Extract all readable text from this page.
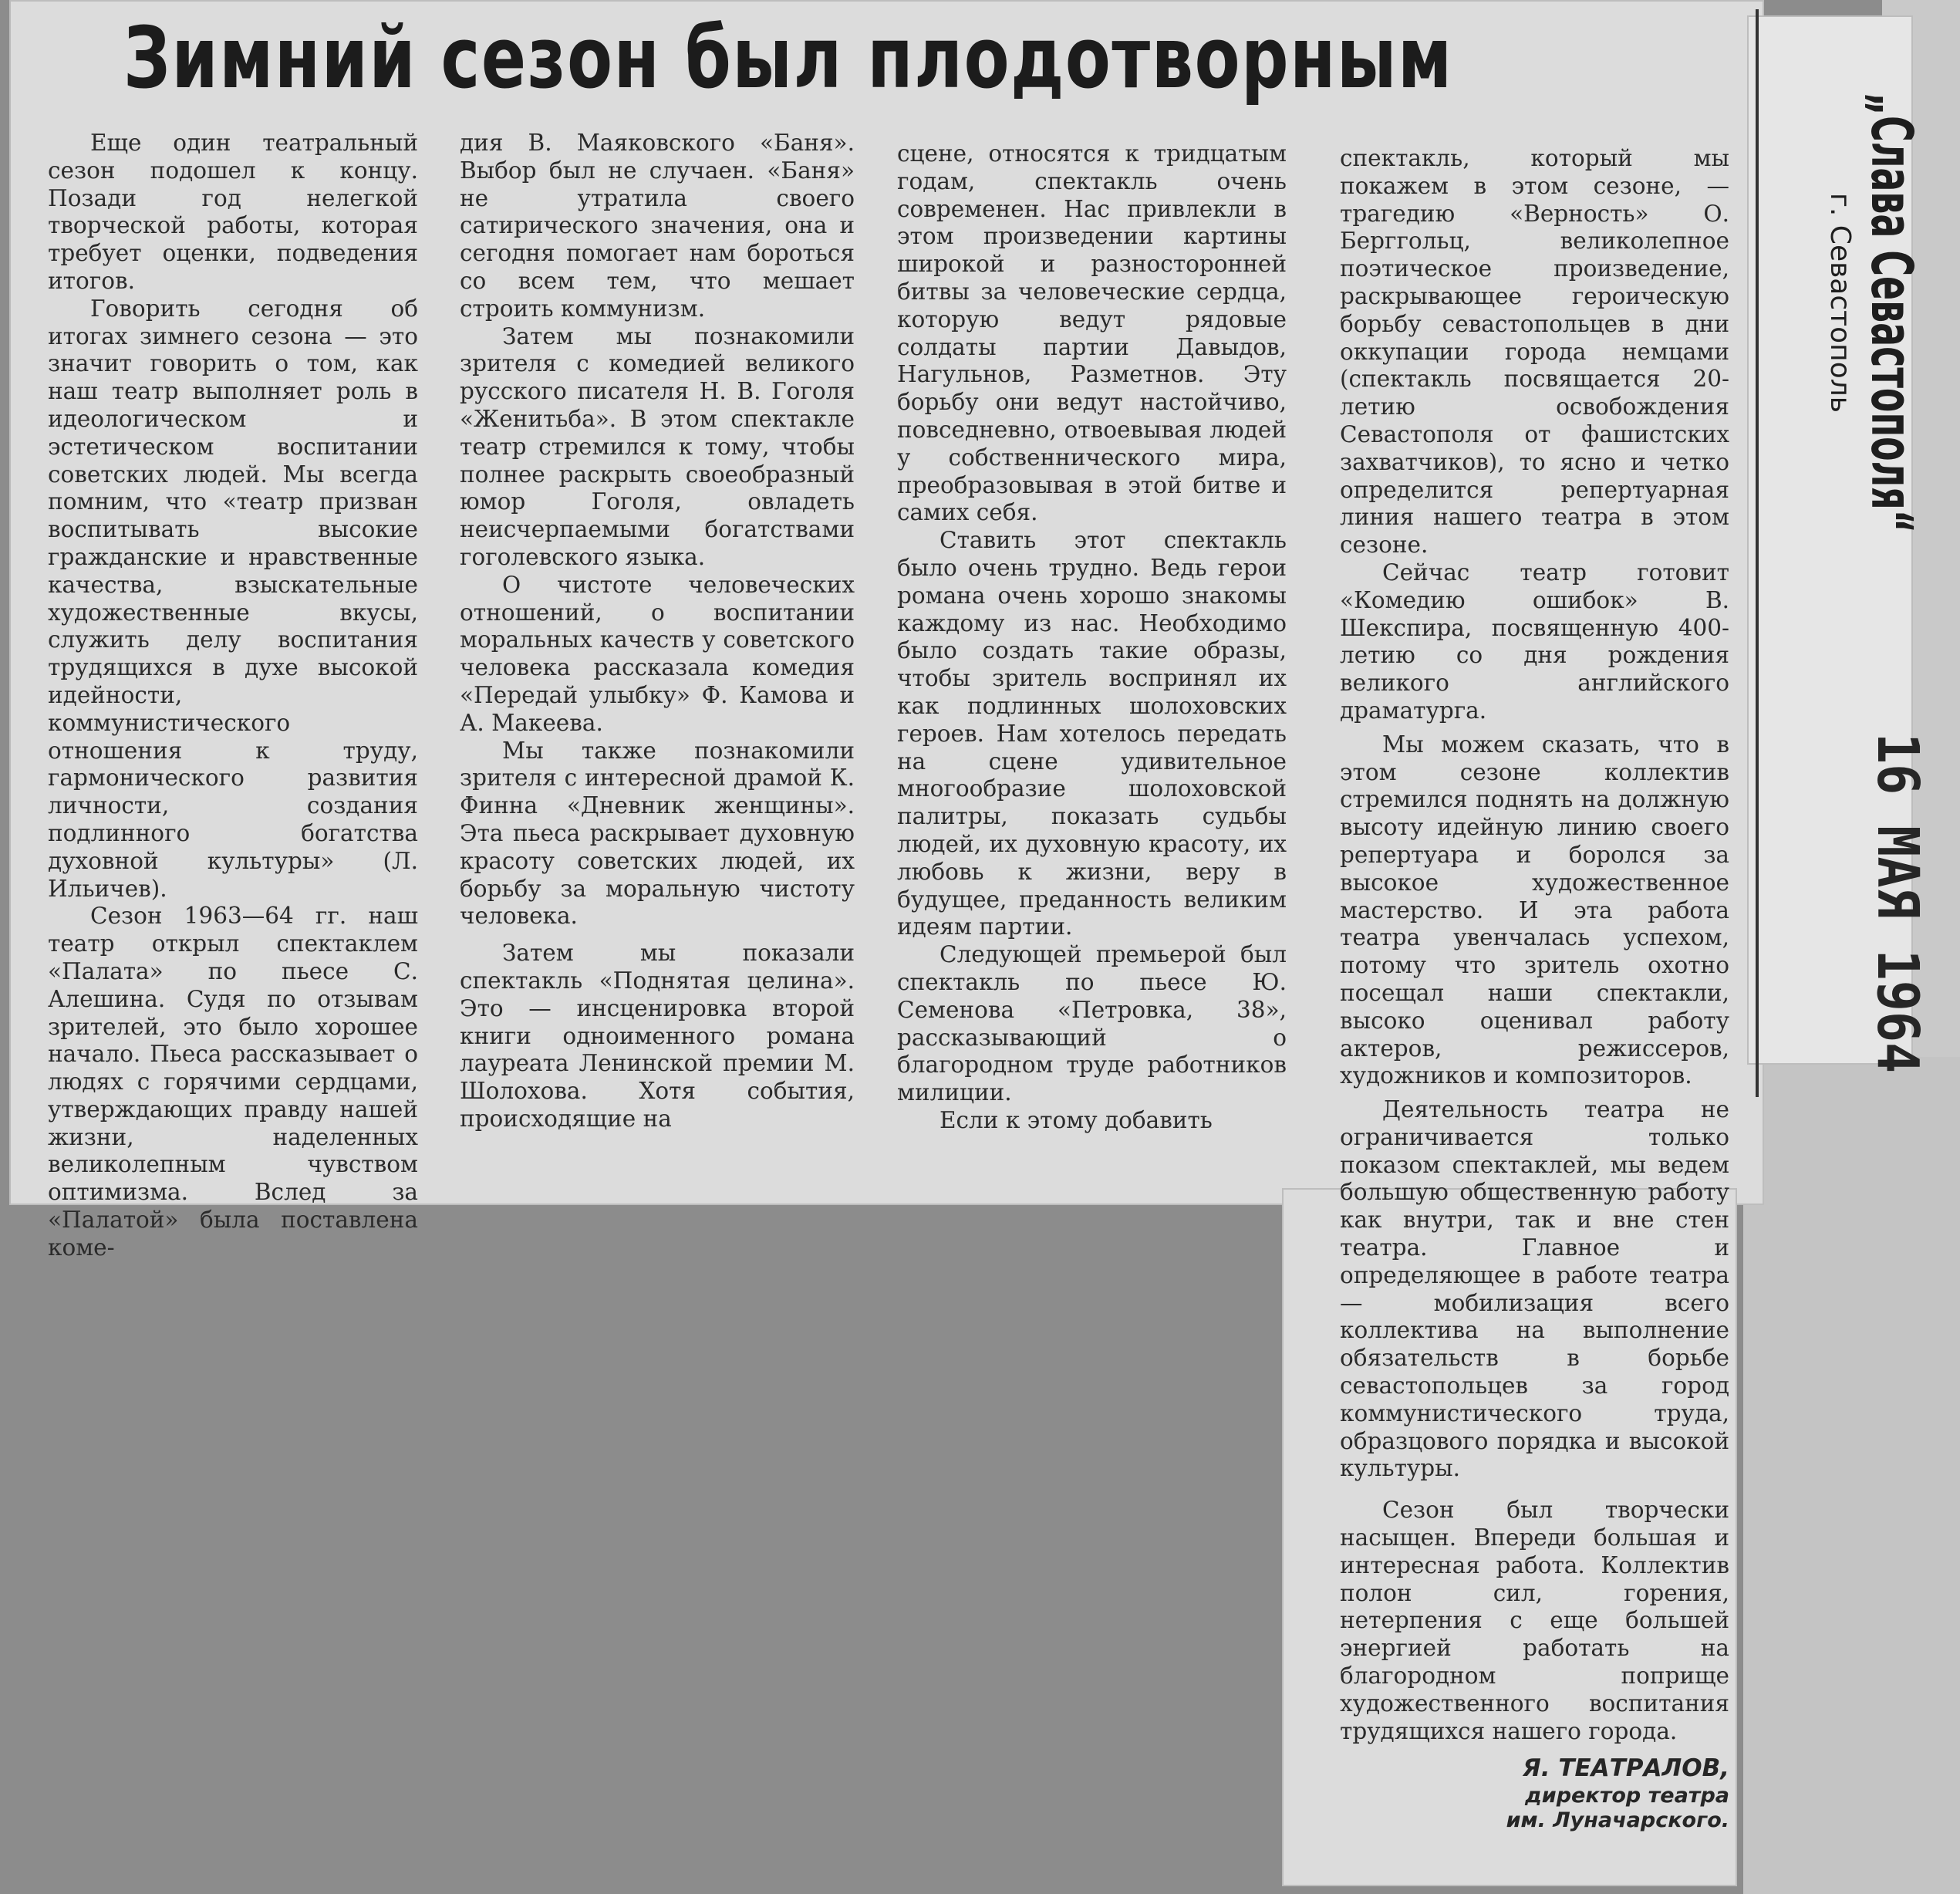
Зимний сезон был плодотворным

Еще один театральный сезон подошел к концу. Позади год нелегкой творческой работы, которая требует оценки, подведения итогов.

Говорить сегодня об итогах зимнего сезона — это значит говорить о том, как наш театр выполняет роль в идеологическом и эстетическом воспитании советских людей. Мы всегда помним, что «театр призван воспитывать высокие гражданские и нравственные качества, взыскательные художественные вкусы, служить делу воспитания трудящихся в духе высокой идейности, коммунистического отношения к труду, гармонического развития личности, создания подлинного богатства духовной культуры» (Л. Ильичев).

Сезон 1963—64 гг. наш театр открыл спектаклем «Палата» по пьесе С. Алешина. Судя по отзывам зрителей, это было хорошее начало. Пьеса рассказывает о людях с горячими сердцами, утверждающих правду нашей жизни, наделенных великолепным чувством оптимизма. Вслед за «Палатой» была поставлена коме-

дия В. Маяковского «Баня». Выбор был не случаен. «Баня» не утратила своего сатирического значения, она и сегодня помогает нам бороться со всем тем, что мешает строить коммунизм.

Затем мы познакомили зрителя с комедией великого русского писателя Н. В. Гоголя «Женитьба». В этом спектакле театр стремился к тому, чтобы полнее раскрыть своеобразный юмор Гоголя, овладеть неисчерпаемыми богатствами гоголевского языка.

О чистоте человеческих отношений, о воспитании моральных качеств у советского человека рассказала комедия «Передай улыбку» Ф. Камова и А. Макеева.

Мы также познакомили зрителя с интересной драмой К. Финна «Дневник женщины». Эта пьеса раскрывает духовную красоту советских людей, их борьбу за моральную чистоту человека.

Затем мы показали спектакль «Поднятая целина». Это — инсценировка второй книги одноименного романа лауреата Ленинской премии М. Шолохова. Хотя события, происходящие на

сцене, относятся к тридцатым годам, спектакль очень современен. Нас привлекли в этом произведении картины широкой и разносторонней битвы за человеческие сердца, которую ведут рядовые солдаты партии Давыдов, Нагульнов, Разметнов. Эту борьбу они ведут настойчиво, повседневно, отвоевывая людей у собственнического мира, преобразовывая в этой битве и самих себя.

Ставить этот спектакль было очень трудно. Ведь герои романа очень хорошо знакомы каждому из нас. Необходимо было создать такие образы, чтобы зритель воспринял их как подлинных шолоховских героев. Нам хотелось передать на сцене удивительное многообразие шолоховской палитры, показать судьбы людей, их духовную красоту, их любовь к жизни, веру в будущее, преданность великим идеям партии.

Следующей премьерой был спектакль по пьесе Ю. Семенова «Петровка, 38», рассказывающий о благородном труде работников милиции.

Если к этому добавить

спектакль, который мы покажем в этом сезоне, — трагедию «Верность» О. Берггольц, великолепное поэтическое произведение, раскрывающее героическую борьбу севастопольцев в дни оккупации города немцами (спектакль посвящается 20-летию освобождения Севастополя от фашистских захватчиков), то ясно и четко определится репертуарная линия нашего театра в этом сезоне.

Сейчас театр готовит «Комедию ошибок» В. Шекспира, посвященную 400-летию со дня рождения великого английского драматурга.

Мы можем сказать, что в этом сезоне коллектив стремился поднять на должную высоту идейную линию своего репертуара и боролся за высокое художественное мастерство. И эта работа театра увенчалась успехом, потому что зритель охотно посещал наши спектакли, высоко оценивал работу актеров, режиссеров, художников и композиторов.

Деятельность театра не ограничивается только показом спектаклей, мы ведем большую общественную работу как внутри, так и вне стен театра. Главное и определяющее в работе театра — мобилизация всего коллектива на выполнение обязательств в борьбе севастопольцев за город коммунистического труда, образцового порядка и высокой культуры.

Сезон был творчески насыщен. Впереди большая и интересная работа. Коллектив полон сил, горения, нетерпения с еще большей энергией работать на благородном поприще художественного воспитания трудящихся нашего города.

Я. ТЕАТРАЛОВ,
директор театра
им. Луначарского.
„Слава Севастополя“
г. Севастополь
16 МАЯ 1964
